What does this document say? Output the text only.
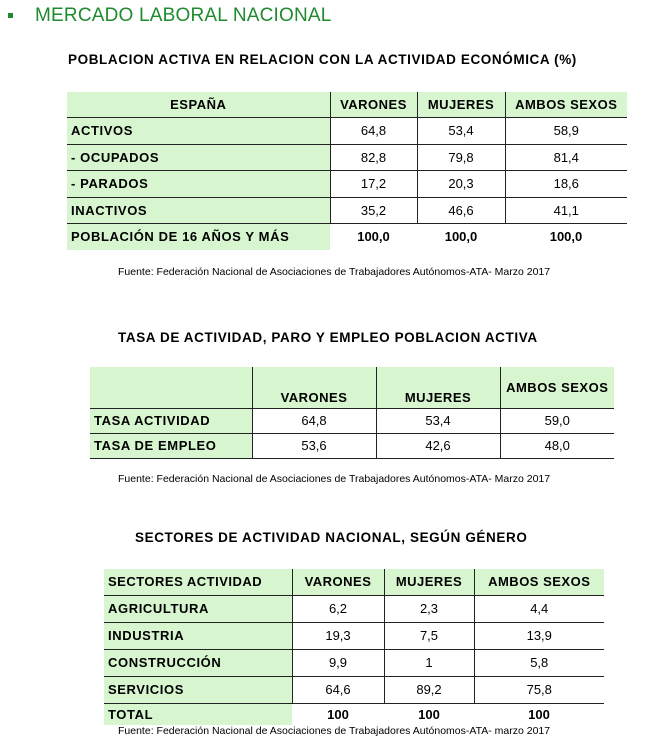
MERCADO LABORAL NACIONAL
POBLACION ACTIVA EN RELACION CON LA ACTIVIDAD ECONÓMICA (%)
ESPAÑA	VARONES	MUJERES	AMBOS SEXOS
ACTIVOS	64,8	53,4	58,9
- OCUPADOS	82,8	79,8	81,4
- PARADOS	17,2	20,3	18,6
INACTIVOS	35,2	46,6	41,1
POBLACIÓN DE 16 AÑOS Y MÁS	100,0	100,0	100,0
Fuente: Federación Nacional de Asociaciones de Trabajadores Autónomos-ATA- Marzo 2017
TASA DE ACTIVIDAD, PARO Y EMPLEO POBLACION ACTIVA
	VARONES	MUJERES	AMBOS SEXOS
TASA ACTIVIDAD	64,8	53,4	59,0
TASA DE EMPLEO	53,6	42,6	48,0
Fuente: Federación Nacional de Asociaciones de Trabajadores Autónomos-ATA- Marzo 2017
SECTORES DE ACTIVIDAD NACIONAL, SEGÚN GÉNERO
SECTORES ACTIVIDAD	VARONES	MUJERES	AMBOS SEXOS
AGRICULTURA	6,2	2,3	4,4
INDUSTRIA	19,3	7,5	13,9
CONSTRUCCIÓN	9,9	1	5,8
SERVICIOS	64,6	89,2	75,8
TOTAL	100	100	100
Fuente: Federación Nacional de Asociaciones de Trabajadores Autónomos-ATA- marzo 2017
